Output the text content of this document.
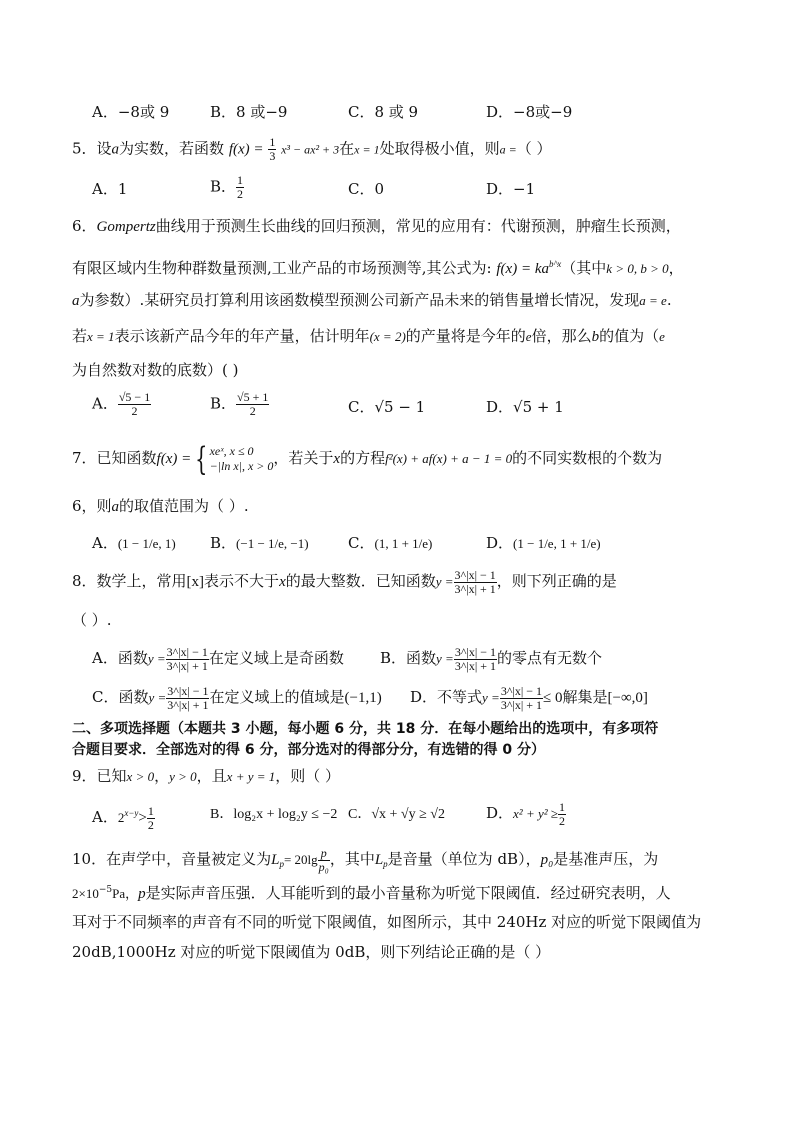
A．−8或 9	B．8 或−9	C．8 或 9	D．−8或−9
5．设a为实数，若函数 $f(x) = \frac{1}{3} x^3 - ax^2 + 3$在x = 1处取得极小值，则a =（ ）
A．1	B． $\frac{1}{2}$	C．0	D．−1
6．Gompertz曲线用于预测生长曲线的回归预测，常见的应用有：代谢预测，肿瘤生长预测，
有限区域内生物种群数量预测,工业产品的市场预测等,其公式为: $f(x) = ka^{b\^{}x}$（其中k > 0, b > 0，
a为参数）.某研究员打算利用该函数模型预测公司新产品未来的销售量增长情况，发现a = e.
若x = 1表示该新产品今年的年产量，估计明年(x = 2)的产量将是今年的e倍，那么b的值为（e
为自然数对数的底数）( )
A． $\frac{√5 - 1}{2}$	B． $\frac{√5 + 1}{2}$	C．√5 − 1	D．√5 + 1
7．已知函数f(x) = { xeˣ, x ≤ 0
−|ln x|, x > 0 ，若关于x的方程f²(x) + af(x) + a − 1 = 0的不同实数根的个数为
6，则a的取值范围为（ ）.
A．(1 − 1/e, 1) B．(−1 − 1/e, −1)	C．(1, 1 + 1/e)	D．(1 − 1/e, 1 + 1/e)
8．数学上，常用[x]表示不大于x的最大整数．已知函数$y = \frac{3\^{}|x| - 1}{3\^{}|x| + 1}$ ，则下列正确的是
（ ）.
A．函数$y = \frac{3\^{}|x| - 1}{3\^{}|x| + 1}$ 在定义域上是奇函数 B．函数$y = \frac{3\^{}|x| - 1}{3\^{}|x| + 1}$ 的零点有无数个
C．函数$y = \frac{3\^{}|x| - 1}{3\^{}|x| + 1}$ 在定义域上的值域是(−1,1) D．不等式$y = \frac{3\^{}|x| - 1}{3\^{}|x| + 1} \le 0$解集是[−∞,0]
二、多项选择题（本题共 3 小题，每小题 6 分，共 18 分．在每小题给出的选项中，有多项符
合题目要求．全部选对的得 6 分，部分选对的得部分分，有选错的得 0 分）
9．已知x > 0，y > 0，且x + y = 1，则（ ）
A．$2^{x-y}> \frac{1}{2}$	B．log₂x + log₂y ≤ −2 C．√x + √y ≥ √2	D．$x^2 + y^2 \ge \frac{1}{2}$
10．在声学中，音量被定义为$L_p= 20\lg \frac{p}{\text{p₀}}$ ，其中$L_p$是音量（单位为 dB），p₀是基准声压，为
$2\times 10^{-5}Pa$，p是实际声音压强．人耳能听到的最小音量称为听觉下限阈值．经过研究表明，人
耳对于不同频率的声音有不同的听觉下限阈值，如图所示，其中 240Hz 对应的听觉下限阈值为
20dB,1000Hz 对应的听觉下限阈值为 0dB，则下列结论正确的是（ ）
